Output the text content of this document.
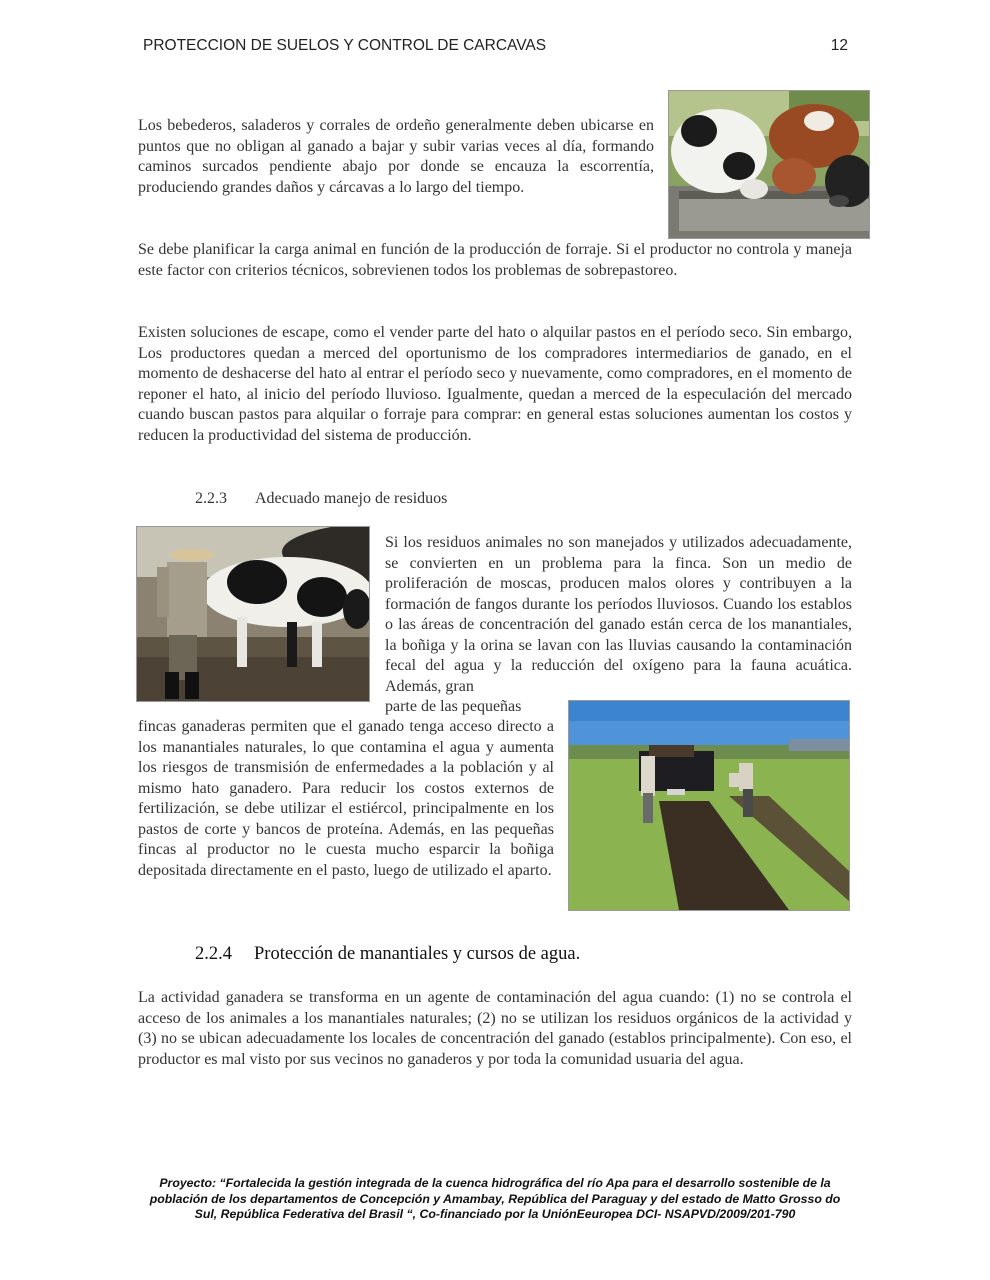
PROTECCION DE SUELOS Y CONTROL DE CARCAVAS	12

Los bebederos, saladeros y corrales de ordeño generalmente deben ubicarse en puntos que no obligan al ganado a bajar y subir varias veces al día, formando caminos surcados pendiente abajo por donde se encauza la escorrentía, produciendo grandes daños y cárcavas a lo largo del tiempo.

Se debe planificar la carga animal en función de la producción de forraje. Si el productor no controla y maneja este factor con criterios técnicos, sobrevienen todos los problemas de sobrepastoreo.

Existen soluciones de escape, como el vender parte del hato o alquilar pastos en el período seco. Sin embargo, Los productores quedan a merced del oportunismo de los compradores intermediarios de ganado, en el momento de deshacerse del hato al entrar el período seco y nuevamente, como compradores, en el momento de reponer el hato, al inicio del período lluvioso. Igualmente, quedan a merced de la especulación del mercado cuando buscan pastos para alquilar o forraje para comprar: en general estas soluciones aumentan los costos y reducen la productividad del sistema de producción.

2.2.3 Adecuado manejo de residuos

Si los residuos animales no son manejados y utilizados adecuadamente, se convierten en un problema para la finca. Son un medio de proliferación de moscas, producen malos olores y contribuyen a la formación de fangos durante los períodos lluviosos. Cuando los establos o las áreas de concentración del ganado están cerca de los manantiales, la boñiga y la orina se lavan con las lluvias causando la contaminación fecal del agua y la reducción del oxígeno para la fauna acuática. Además, gran

parte de las pequeñas

fincas ganaderas permiten que el ganado tenga acceso directo a los manantiales naturales, lo que contamina el agua y aumenta los riesgos de transmisión de enfermedades a la población y al mismo hato ganadero. Para reducir los costos externos de fertilización, se debe utilizar el estiércol, principalmente en los pastos de corte y bancos de proteína. Además, en las pequeñas fincas al productor no le cuesta mucho esparcir la boñiga depositada directamente en el pasto, luego de utilizado el aparto.

2.2.4 Protección de manantiales y cursos de agua.

La actividad ganadera se transforma en un agente de contaminación del agua cuando: (1) no se controla el acceso de los animales a los manantiales naturales; (2) no se utilizan los residuos orgánicos de la actividad y (3) no se ubican adecuadamente los locales de concentración del ganado (establos principalmente). Con eso, el productor es mal visto por sus vecinos no ganaderos y por toda la comunidad usuaria del agua.

Proyecto: “Fortalecida la gestión integrada de la cuenca hidrográfica del río Apa para el desarrollo sostenible de la población de los departamentos de Concepción y Amambay, República del Paraguay y del estado de Matto Grosso do Sul, República Federativa del Brasil “, Co-financiado por la UniónEeuropea DCI- NSAPVD/2009/201-790
